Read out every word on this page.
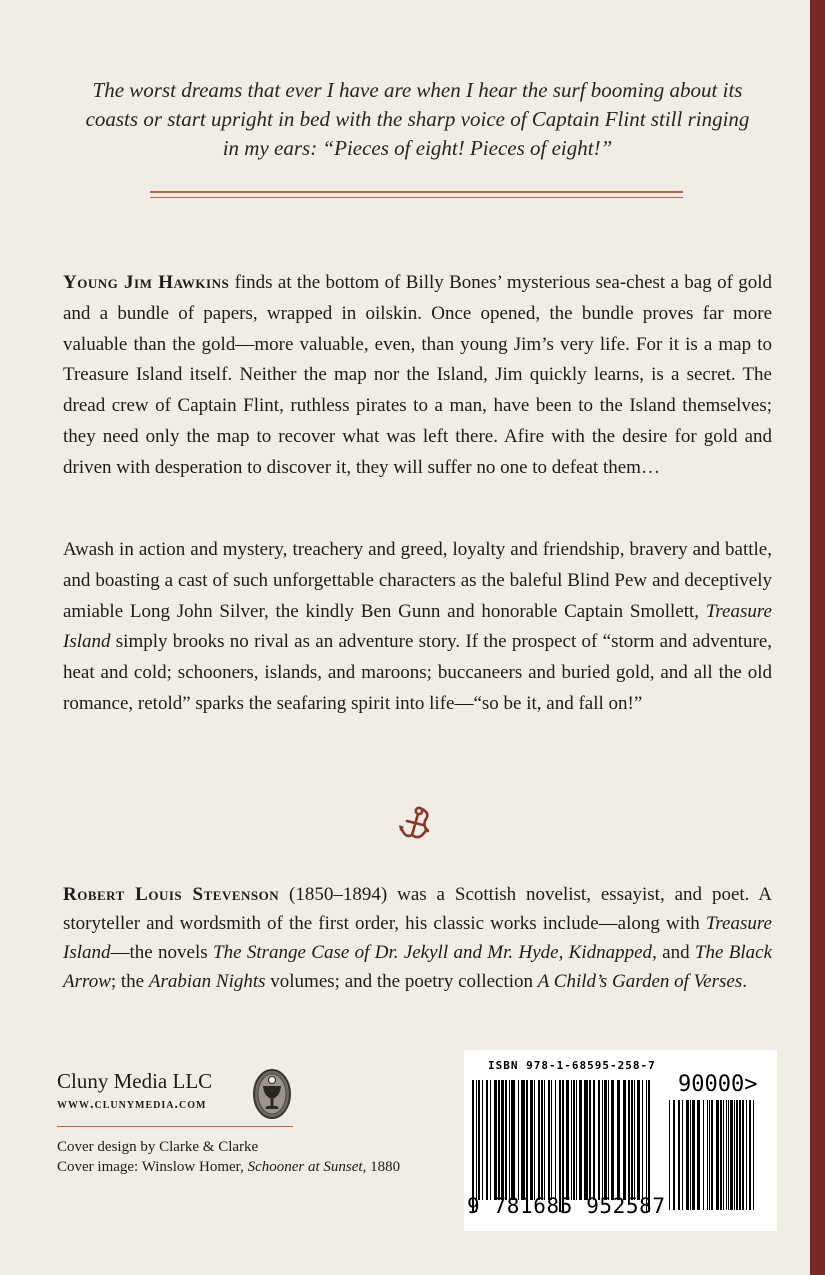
The worst dreams that ever I have are when I hear the surf booming about its coasts or start upright in bed with the sharp voice of Captain Flint still ringing in my ears: “Pieces of eight! Pieces of eight!”

Young Jim Hawkins finds at the bottom of Billy Bones’ mysterious sea-chest a bag of gold and a bundle of papers, wrapped in oilskin. Once opened, the bundle proves far more valuable than the gold—more valuable, even, than young Jim’s very life. For it is a map to Treasure Island itself. Neither the map nor the Island, Jim quickly learns, is a secret. The dread crew of Captain Flint, ruthless pirates to a man, have been to the Island themselves; they need only the map to recover what was left there. Afire with the desire for gold and driven with desperation to discover it, they will suffer no one to defeat them…

Awash in action and mystery, treachery and greed, loyalty and friendship, bravery and battle, and boasting a cast of such unforgettable characters as the baleful Blind Pew and deceptively amiable Long John Silver, the kindly Ben Gunn and honorable Captain Smollett, Treasure Island simply brooks no rival as an adventure story. If the prospect of “storm and adventure, heat and cold; schooners, islands, and maroons; buccaneers and buried gold, and all the old romance, retold” sparks the seafaring spirit into life—“so be it, and fall on!”

Robert Louis Stevenson (1850–1894) was a Scottish novelist, essayist, and poet. A storyteller and wordsmith of the first order, his classic works include—along with Treasure Island—the novels The Strange Case of Dr. Jekyll and Mr. Hyde, Kidnapped, and The Black Arrow; the Arabian Nights volumes; and the poetry collection A Child’s Garden of Verses.

Cluny Media LLC
www.clunymedia.com
Cover design by Clarke & Clarke
Cover image: Winslow Homer, Schooner at Sunset, 1880
ISBN 978-1-68595-258-7
90000>
9 781685 952587
